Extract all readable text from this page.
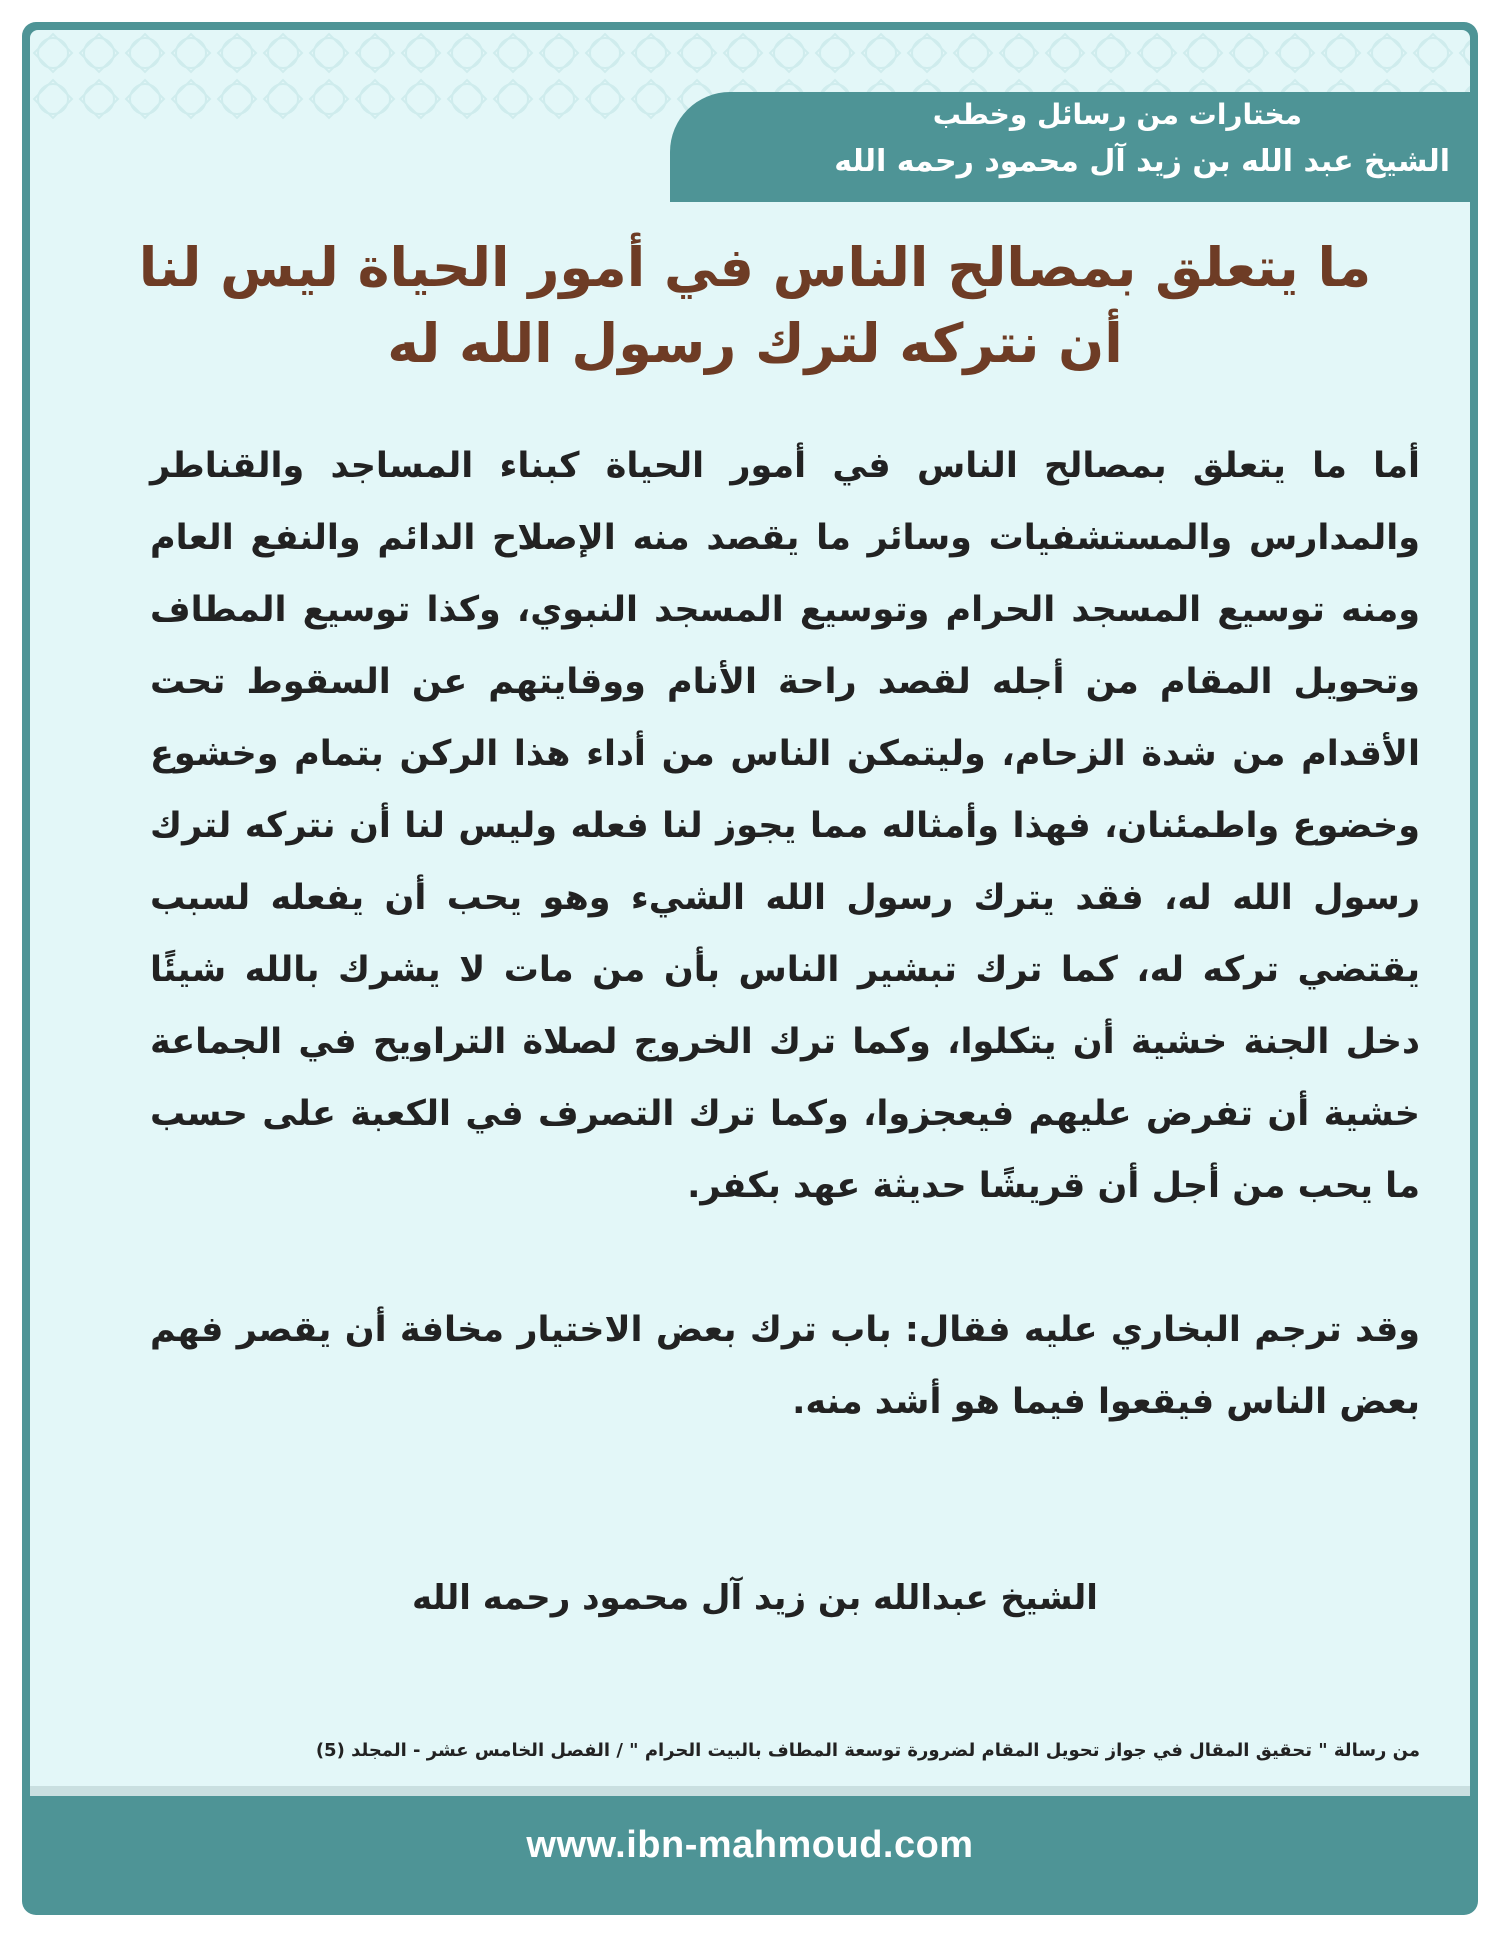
مختارات من رسائل وخطب
الشيخ عبد الله بن زيد آل محمود رحمه الله
ما يتعلق بمصالح الناس في أمور الحياة ليس لنا
أن نتركه لترك رسول الله له
أما ما يتعلق بمصالح الناس في أمور الحياة كبناء المساجد والقناطر والمدارس والمستشفيات وسائر ما يقصد منه الإصلاح الدائم والنفع العام ومنه توسيع المسجد الحرام وتوسيع المسجد النبوي، وكذا توسيع المطاف وتحويل المقام من أجله لقصد راحة الأنام ووقايتهم عن السقوط تحت الأقدام من شدة الزحام، وليتمكن الناس من أداء هذا الركن بتمام وخشوع وخضوع واطمئنان، فهذا وأمثاله مما يجوز لنا فعله وليس لنا أن نتركه لترك رسول الله له، فقد يترك رسول الله الشيء وهو يحب أن يفعله لسبب يقتضي تركه له، كما ترك تبشير الناس بأن من مات لا يشرك بالله شيئًا دخل الجنة خشية أن يتكلوا، وكما ترك الخروج لصلاة التراويح في الجماعة خشية أن تفرض عليهم فيعجزوا، وكما ترك التصرف في الكعبة على حسب ما يحب من أجل أن قريشًا حديثة عهد بكفر.
وقد ترجم البخاري عليه فقال: باب ترك بعض الاختيار مخافة أن يقصر فهم بعض الناس فيقعوا فيما هو أشد منه.
الشيخ عبدالله بن زيد آل محمود رحمه الله
من رسالة " تحقيق المقال في جواز تحويل المقام لضرورة توسعة المطاف بالبيت الحرام " / الفصل الخامس عشر - المجلد (5)
www.ibn-mahmoud.com
